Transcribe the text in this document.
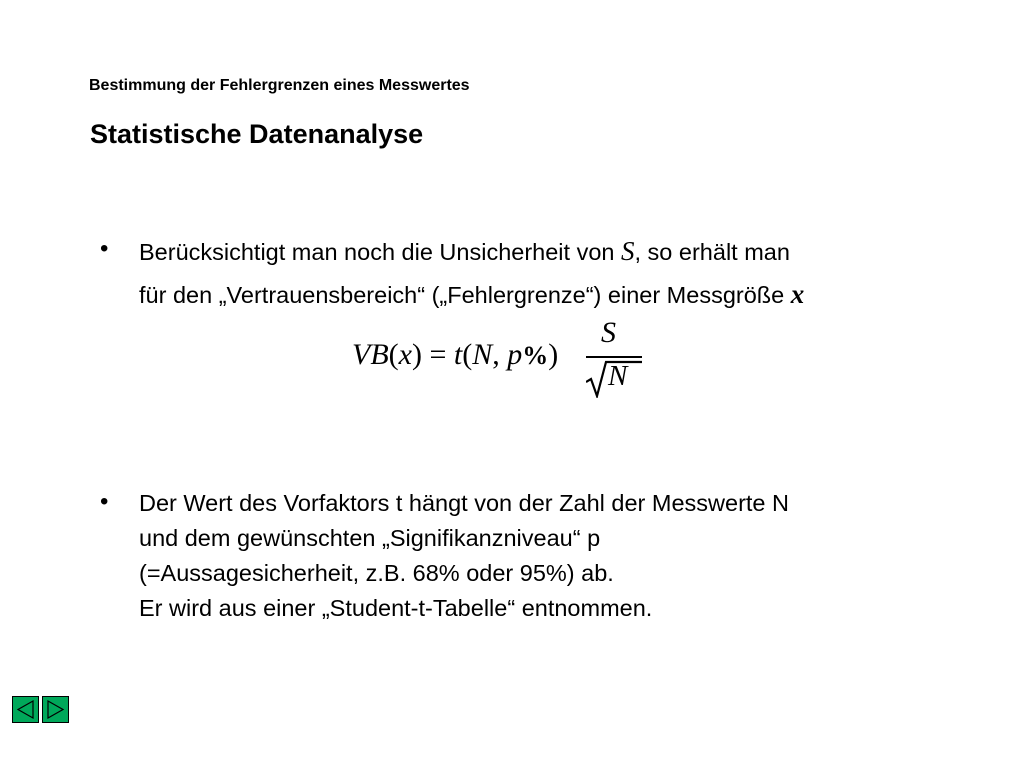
Bestimmung der Fehlergrenzen eines Messwertes
Statistische Datenanalyse
• Berücksichtigt man noch die Unsicherheit von S, so erhält man
für den „Vertrauensbereich“ („Fehlergrenze“) einer Messgröße x
VB(x) = t(N, p%)
S
N
• Der Wert des Vorfaktors t hängt von der Zahl der Messwerte N
und dem gewünschten „Signifikanzniveau“ p
(=Aussagesicherheit, z.B. 68% oder 95%) ab.
Er wird aus einer „Student-t-Tabelle“ entnommen.
